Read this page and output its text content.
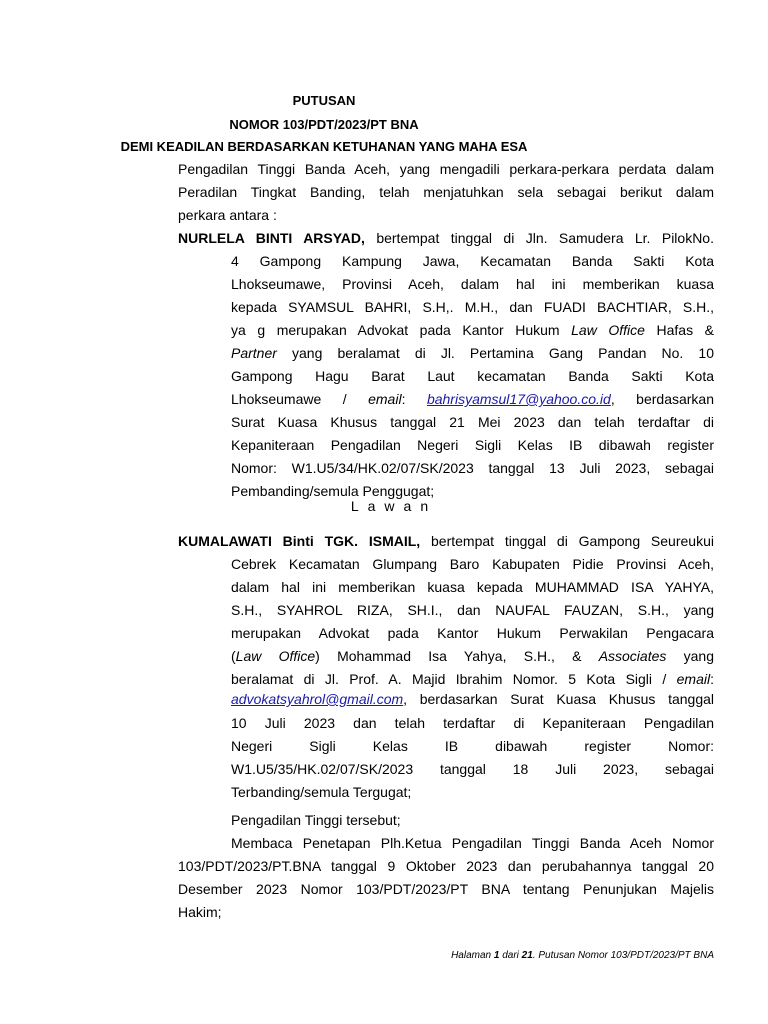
PUTUSAN
NOMOR 103/PDT/2023/PT BNA
DEMI KEADILAN BERDASARKAN KETUHANAN YANG MAHA ESA
Pengadilan Tinggi Banda Aceh, yang mengadili perkara-perkara perdata dalam
Peradilan Tingkat Banding, telah menjatuhkan sela sebagai berikut dalam
perkara antara :
NURLELA BINTI ARSYAD, bertempat tinggal di Jln. Samudera Lr. PilokNo.
4 Gampong Kampung Jawa, Kecamatan Banda Sakti Kota
Lhokseumawe, Provinsi Aceh, dalam hal ini memberikan kuasa
kepada SYAMSUL BAHRI, S.H,. M.H., dan FUADI BACHTIAR, S.H.,
ya g merupakan Advokat pada Kantor Hukum Law Office Hafas &
Partner yang beralamat di Jl. Pertamina Gang Pandan No. 10
Gampong Hagu Barat Laut kecamatan Banda Sakti Kota
Lhokseumawe / email: bahrisyamsul17@yahoo.co.id, berdasarkan
Surat Kuasa Khusus tanggal 21 Mei 2023 dan telah terdaftar di
Kepaniteraan Pengadilan Negeri Sigli Kelas IB dibawah register
Nomor: W1.U5/34/HK.02/07/SK/2023 tanggal 13 Juli 2023, sebagai
Pembanding/semula Penggugat;
Lawan
KUMALAWATI Binti TGK. ISMAIL, bertempat tinggal di Gampong Seureukui
Cebrek Kecamatan Glumpang Baro Kabupaten Pidie Provinsi Aceh,
dalam hal ini memberikan kuasa kepada MUHAMMAD ISA YAHYA,
S.H., SYAHROL RIZA, SH.I., dan NAUFAL FAUZAN, S.H., yang
merupakan Advokat pada Kantor Hukum Perwakilan Pengacara
(Law Office) Mohammad Isa Yahya, S.H., & Associates yang
beralamat di Jl. Prof. A. Majid Ibrahim Nomor. 5 Kota Sigli / email:
advokatsyahrol@gmail.com, berdasarkan Surat Kuasa Khusus tanggal
10 Juli 2023 dan telah terdaftar di Kepaniteraan Pengadilan
Negeri Sigli Kelas IB dibawah register Nomor:
W1.U5/35/HK.02/07/SK/2023 tanggal 18 Juli 2023, sebagai
Terbanding/semula Tergugat;
Pengadilan Tinggi tersebut;
Membaca Penetapan Plh.Ketua Pengadilan Tinggi Banda Aceh Nomor
103/PDT/2023/PT.BNA tanggal 9 Oktober 2023 dan perubahannya tanggal 20
Desember 2023 Nomor 103/PDT/2023/PT BNA tentang Penunjukan Majelis
Hakim;
Halaman 1 dari 21. Putusan Nomor 103/PDT/2023/PT BNA
